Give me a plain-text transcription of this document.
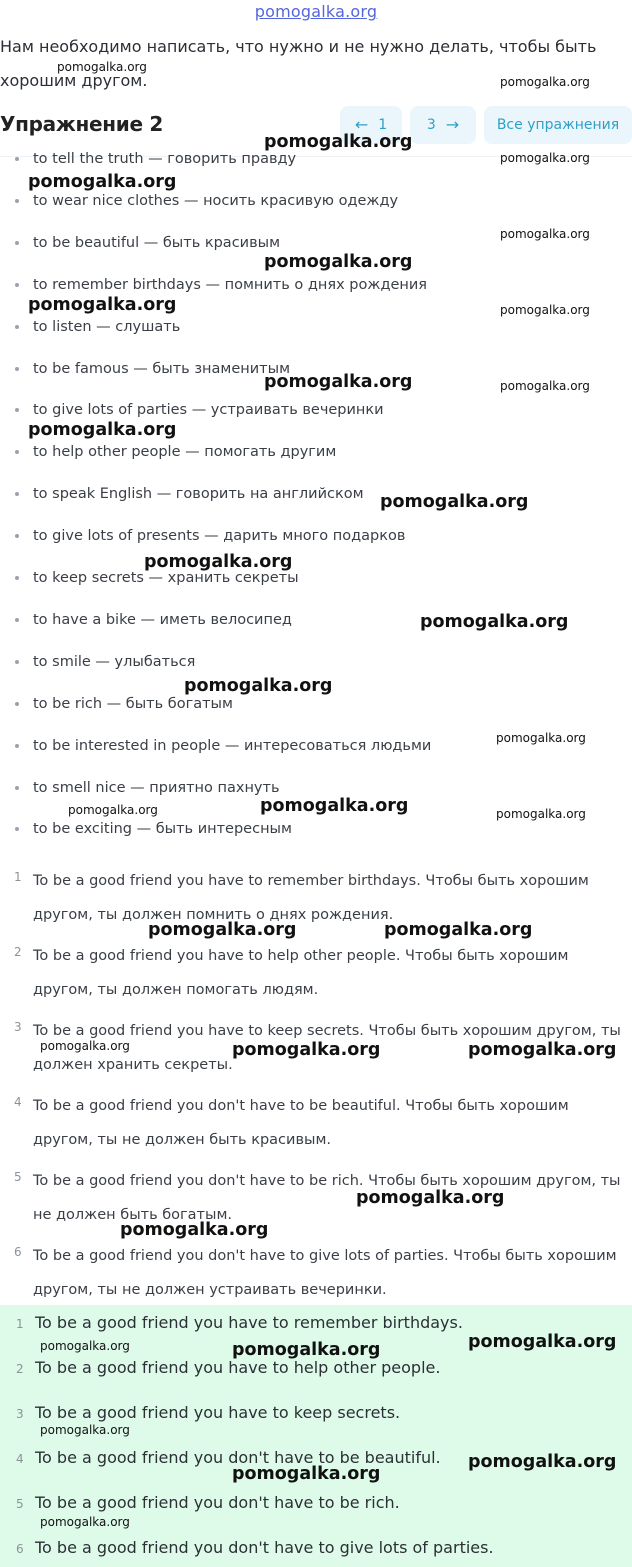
pomogalka.org
Нам необходимо написать, что нужно и не нужно делать, чтобы быть хорошим другом.
Упражнение 2	← 1	3 →	Все упражнения
to tell the truth — говорить правду
to wear nice clothes — носить красивую одежду
to be beautiful — быть красивым
to remember birthdays — помнить о днях рождения
to listen — слушать
to be famous — быть знаменитым
to give lots of parties — устраивать вечеринки
to help other people — помогать другим
to speak English — говорить на английском
to give lots of presents — дарить много подарков
to keep secrets — хранить секреты
to have a bike — иметь велосипед
to smile — улыбаться
to be rich — быть богатым
to be interested in people — интересоваться людьми
to smell nice — приятно пахнуть
to be exciting — быть интересным
1 To be a good friend you have to remember birthdays. Чтобы быть хорошим другом, ты должен помнить о днях рождения.
2 To be a good friend you have to help other people. Чтобы быть хорошим другом, ты должен помогать людям.
3 To be a good friend you have to keep secrets. Чтобы быть хорошим другом, ты должен хранить секреты.
4 To be a good friend you don't have to be beautiful. Чтобы быть хорошим другом, ты не должен быть красивым.
5 To be a good friend you don't have to be rich. Чтобы быть хорошим другом, ты не должен быть богатым.
6 To be a good friend you don't have to give lots of parties. Чтобы быть хорошим другом, ты не должен устраивать вечеринки.
1 To be a good friend you have to remember birthdays.
2 To be a good friend you have to help other people.
3 To be a good friend you have to keep secrets.
4 To be a good friend you don't have to be beautiful.
5 To be a good friend you don't have to be rich.
6 To be a good friend you don't have to give lots of parties.
pomogalka.org
pomogalka.org
pomogalka.org
pomogalka.org
pomogalka.org
pomogalka.org
pomogalka.org
pomogalka.org	pomogalka.org
pomogalka.org	pomogalka.org
pomogalka.org
pomogalka.org
pomogalka.org
pomogalka.org
pomogalka.org
pomogalka.org
pomogalka.org
pomogalka.org	pomogalka.org
pomogalka.org	pomogalka.org
pomogalka.org	pomogalka.org	pomogalka.org
pomogalka.org
pomogalka.org
pomogalka.org
pomogalka.org	pomogalka.org
pomogalka.org
pomogalka.org
pomogalka.org
pomogalka.org
